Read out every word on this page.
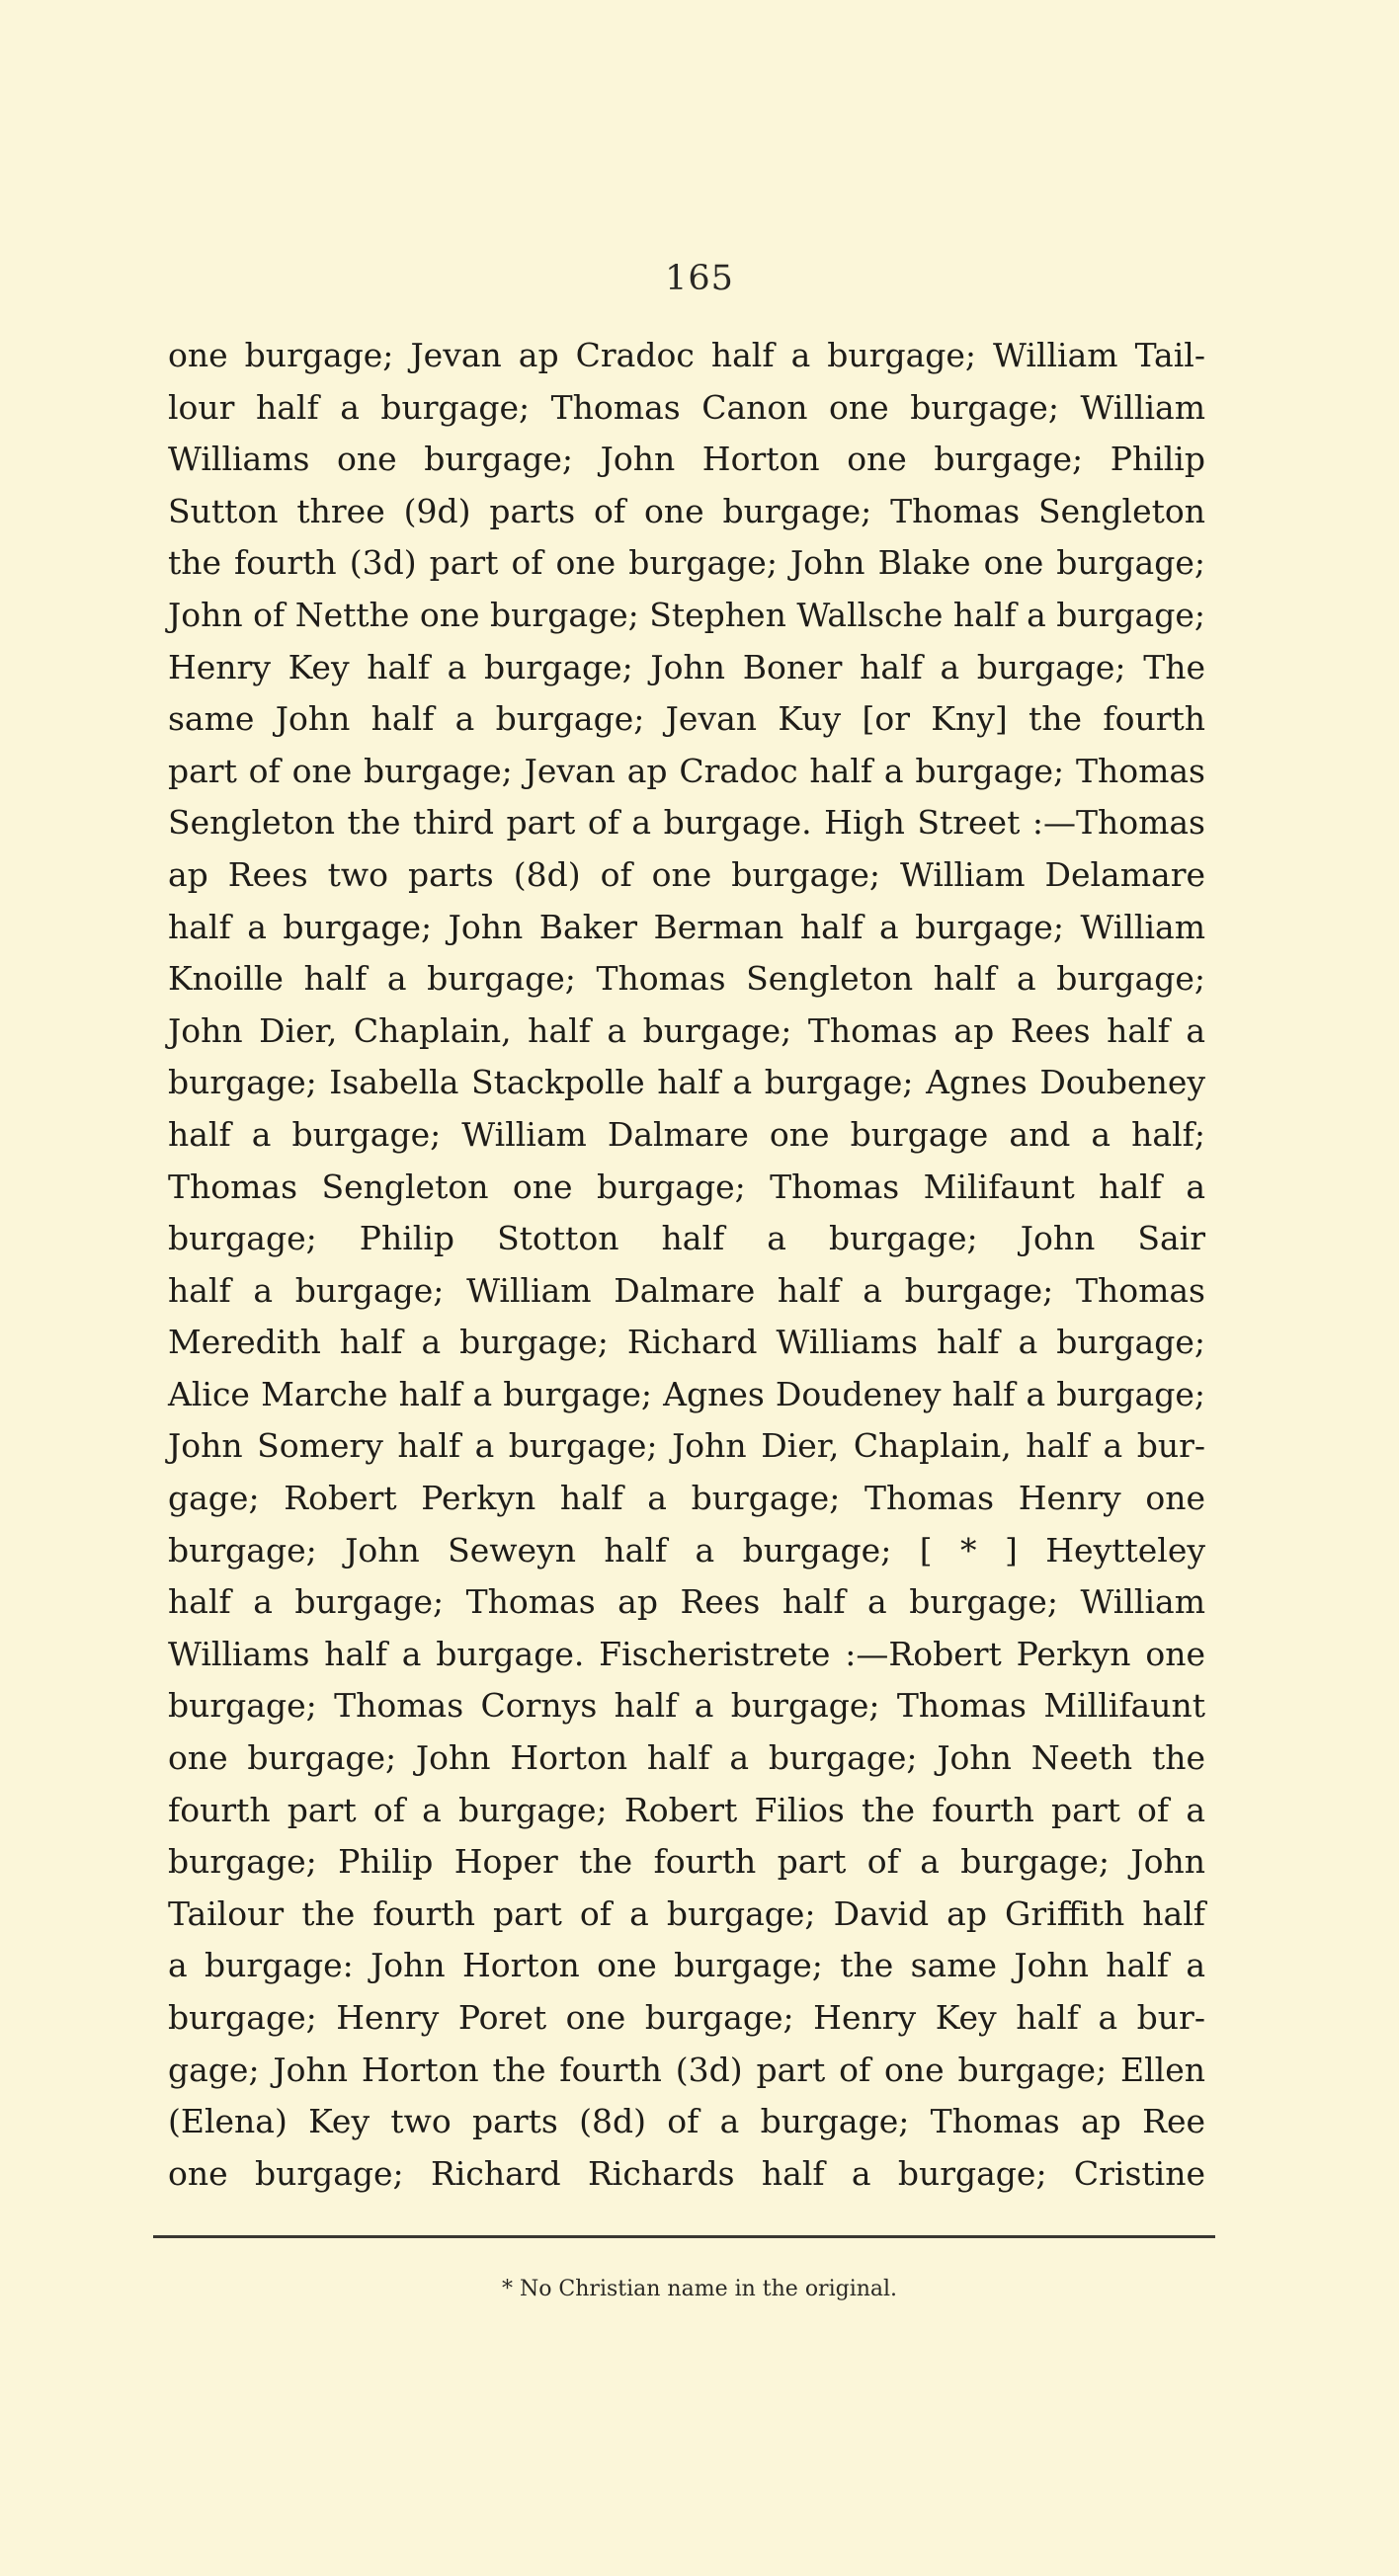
165
one burgage; Jevan ap Cradoc half a burgage; William Tail-
lour half a burgage; Thomas Canon one burgage; William
Williams one burgage; John Horton one burgage; Philip
Sutton three (9d) parts of one burgage; Thomas Sengleton
the fourth (3d) part of one burgage; John Blake one burgage;
John of Netthe one burgage; Stephen Wallsche half a burgage;
Henry Key half a burgage; John Boner half a burgage; The
same John half a burgage; Jevan Kuy [or Kny] the fourth
part of one burgage; Jevan ap Cradoc half a burgage; Thomas
Sengleton the third part of a burgage. High Street :—Thomas
ap Rees two parts (8d) of one burgage; William Delamare
half a burgage; John Baker Berman half a burgage; William
Knoille half a burgage; Thomas Sengleton half a burgage;
John Dier, Chaplain, half a burgage; Thomas ap Rees half a
burgage; Isabella Stackpolle half a burgage; Agnes Doubeney
half a burgage; William Dalmare one burgage and a half;
Thomas Sengleton one burgage; Thomas Milifaunt half a
burgage; Philip Stotton half a burgage; John Sair
half a burgage; William Dalmare half a burgage; Thomas
Meredith half a burgage; Richard Williams half a burgage;
Alice Marche half a burgage; Agnes Doudeney half a burgage;
John Somery half a burgage; John Dier, Chaplain, half a bur-
gage; Robert Perkyn half a burgage; Thomas Henry one
burgage; John Seweyn half a burgage; [ * ] Heytteley
half a burgage; Thomas ap Rees half a burgage; William
Williams half a burgage. Fischeristrete :—Robert Perkyn one
burgage; Thomas Cornys half a burgage; Thomas Millifaunt
one burgage; John Horton half a burgage; John Neeth the
fourth part of a burgage; Robert Filios the fourth part of a
burgage; Philip Hoper the fourth part of a burgage; John
Tailour the fourth part of a burgage; David ap Griffith half
a burgage: John Horton one burgage; the same John half a
burgage; Henry Poret one burgage; Henry Key half a bur-
gage; John Horton the fourth (3d) part of one burgage; Ellen
(Elena) Key two parts (8d) of a burgage; Thomas ap Ree
one burgage; Richard Richards half a burgage; Cristine
* No Christian name in the original.
